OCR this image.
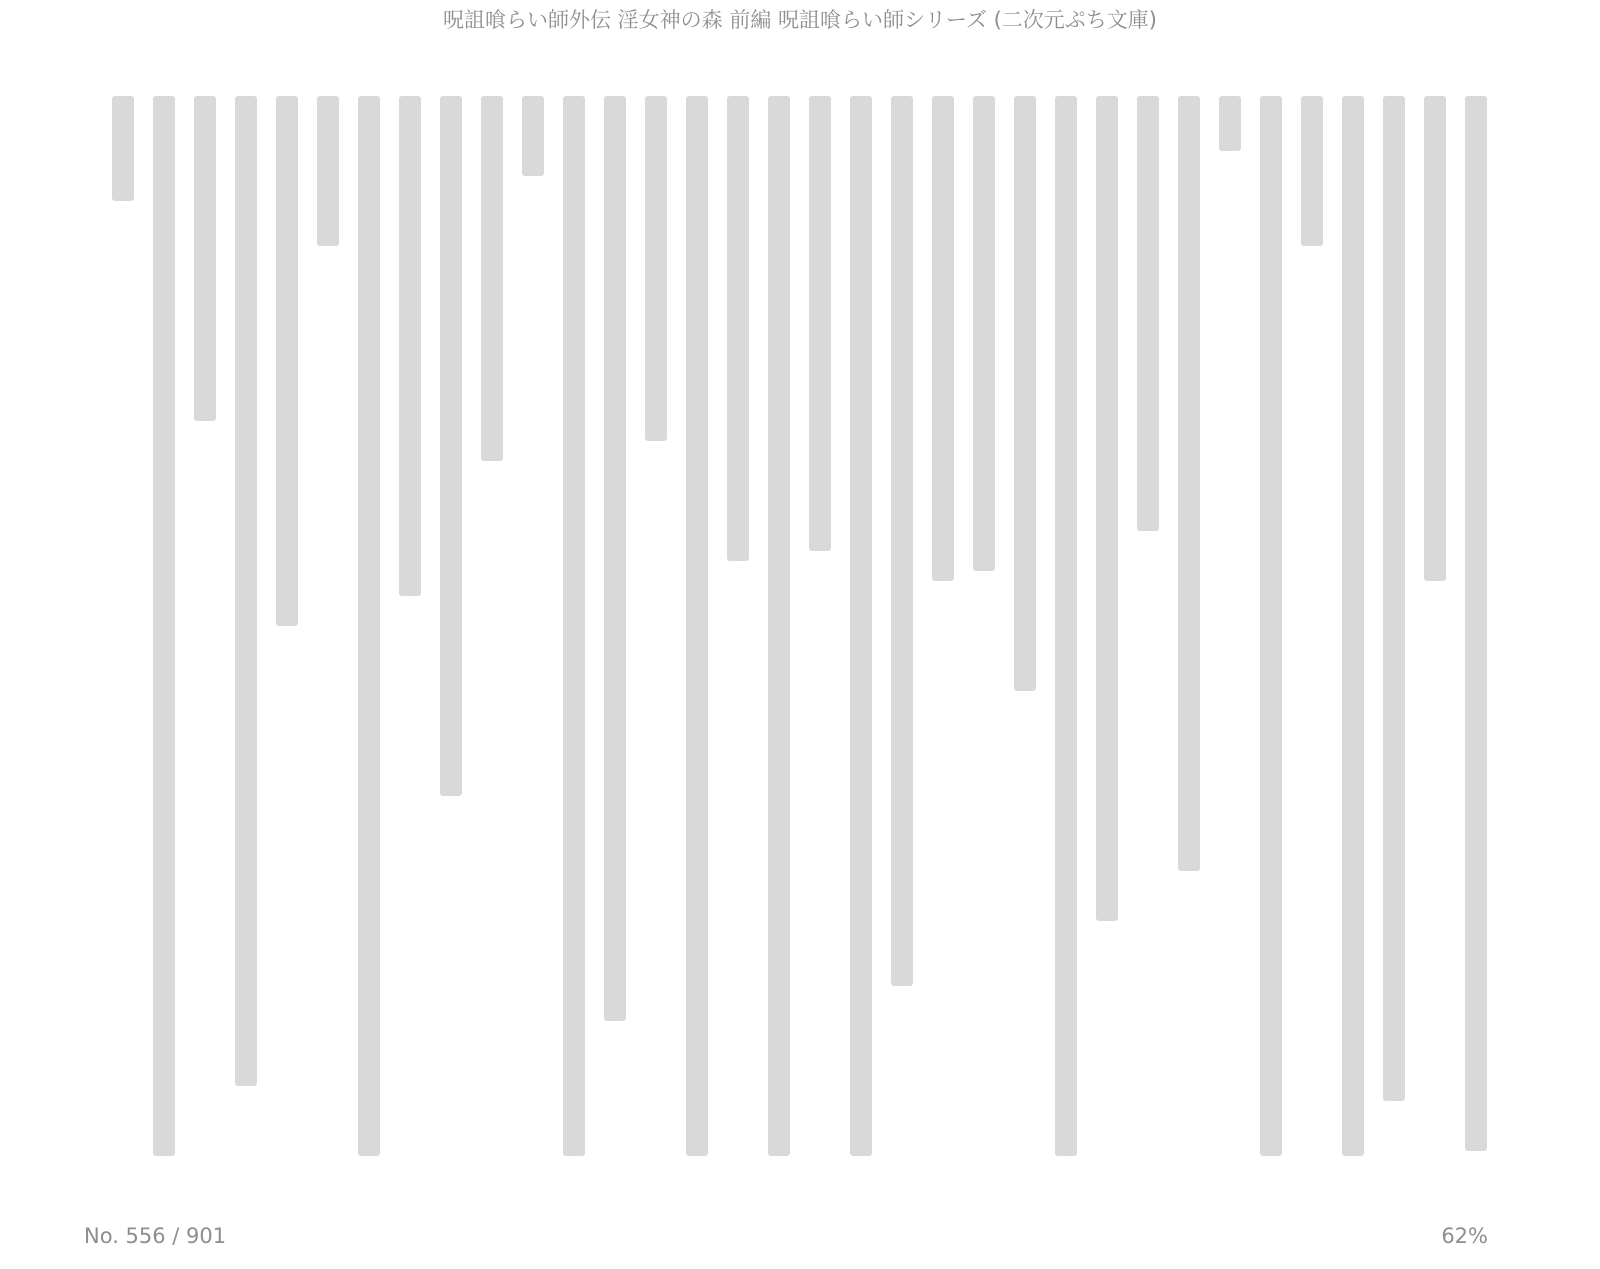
呪詛喰らい師外伝 淫女神の森 前編 呪詛喰らい師シリーズ (二次元ぷち文庫)
No. 556 / 901	62%
